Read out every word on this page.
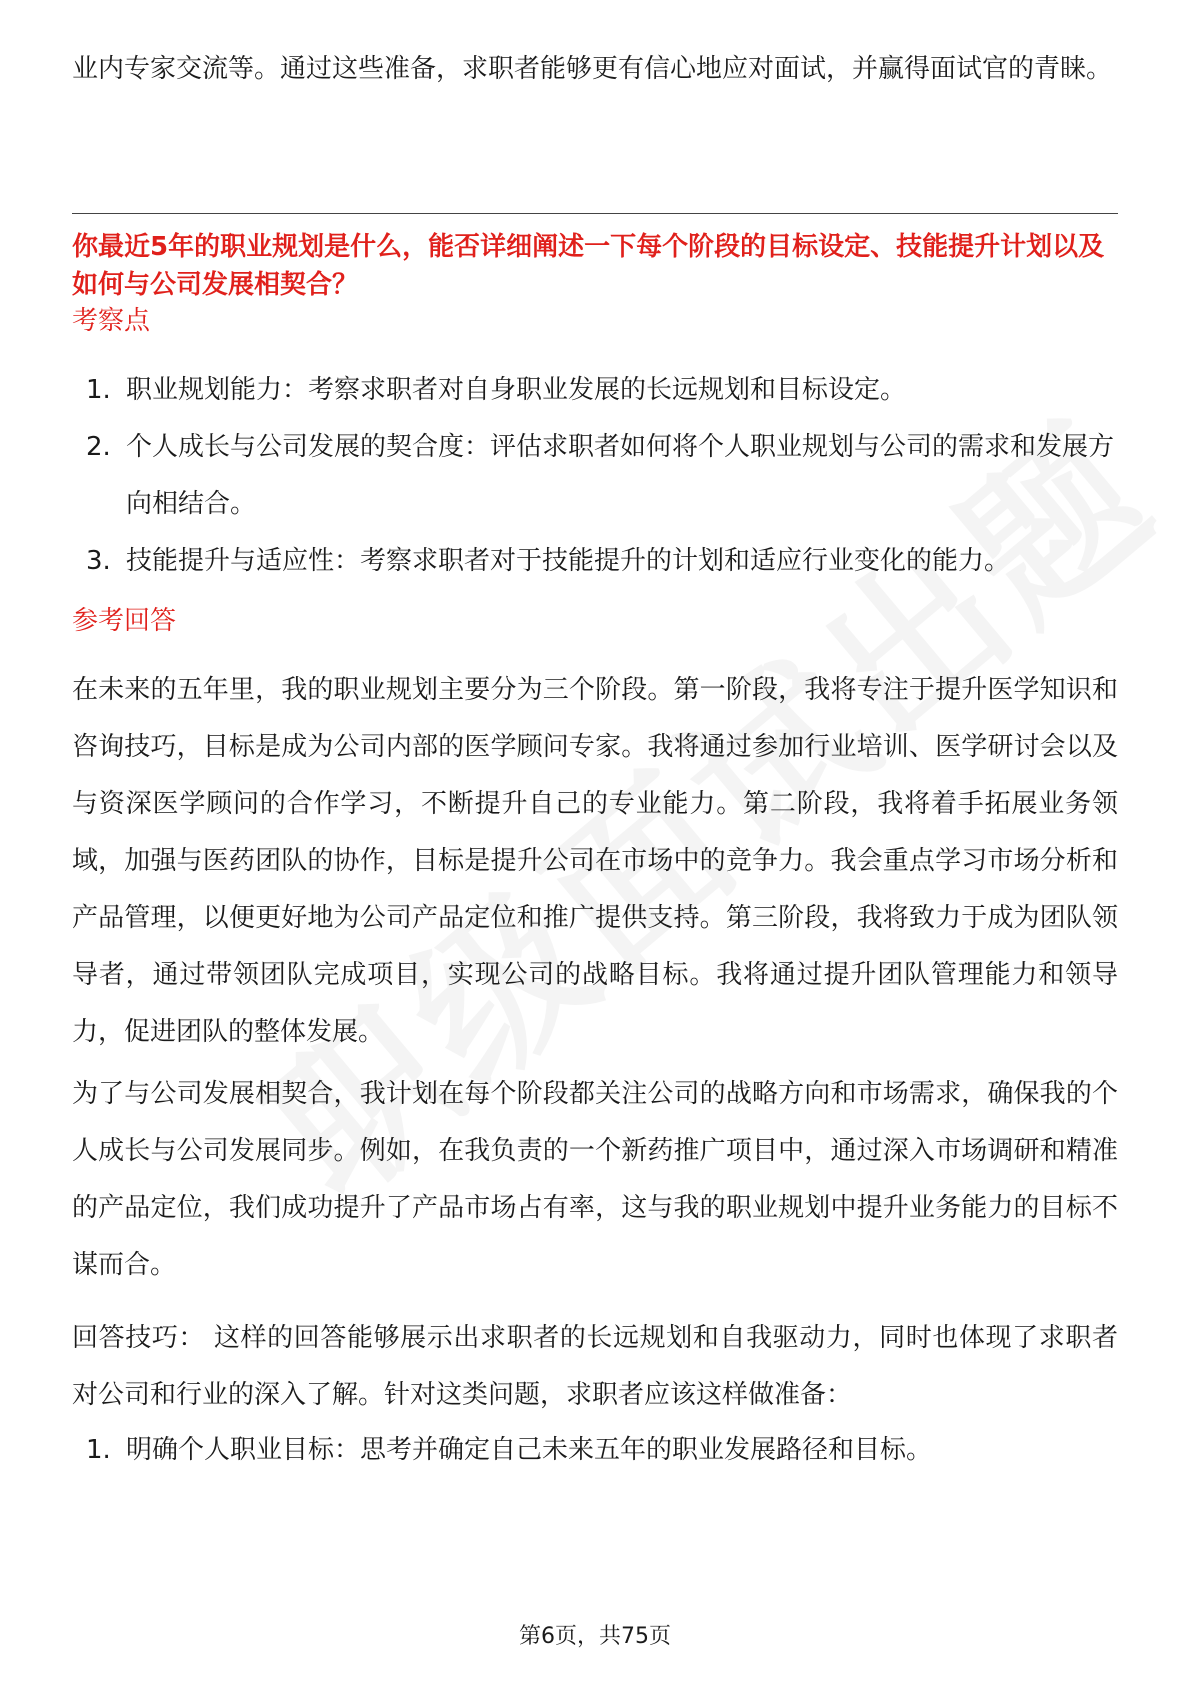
业内专家交流等。通过这些准备，求职者能够更有信心地应对面试，并赢得面试官的青睐。

你最近5年的职业规划是什么，能否详细阐述一下每个阶段的目标设定、技能提升计划以及如何与公司发展相契合？

考察点

1. 职业规划能力：考察求职者对自身职业发展的长远规划和目标设定。
2. 个人成长与公司发展的契合度：评估求职者如何将个人职业规划与公司的需求和发展方向相结合。
3. 技能提升与适应性：考察求职者对于技能提升的计划和适应行业变化的能力。

参考回答

在未来的五年里，我的职业规划主要分为三个阶段。第一阶段，我将专注于提升医学知识和咨询技巧，目标是成为公司内部的医学顾问专家。我将通过参加行业培训、医学研讨会以及与资深医学顾问的合作学习，不断提升自己的专业能力。第二阶段，我将着手拓展业务领域，加强与医药团队的协作，目标是提升公司在市场中的竞争力。我会重点学习市场分析和产品管理，以便更好地为公司产品定位和推广提供支持。第三阶段，我将致力于成为团队领导者，通过带领团队完成项目，实现公司的战略目标。我将通过提升团队管理能力和领导力，促进团队的整体发展。

为了与公司发展相契合，我计划在每个阶段都关注公司的战略方向和市场需求，确保我的个人成长与公司发展同步。例如，在我负责的一个新药推广项目中，通过深入市场调研和精准的产品定位，我们成功提升了产品市场占有率，这与我的职业规划中提升业务能力的目标不谋而合。

回答技巧： 这样的回答能够展示出求职者的长远规划和自我驱动力，同时也体现了求职者对公司和行业的深入了解。针对这类问题，求职者应该这样做准备：

1. 明确个人职业目标：思考并确定自己未来五年的职业发展路径和目标。
第6页，共75页
